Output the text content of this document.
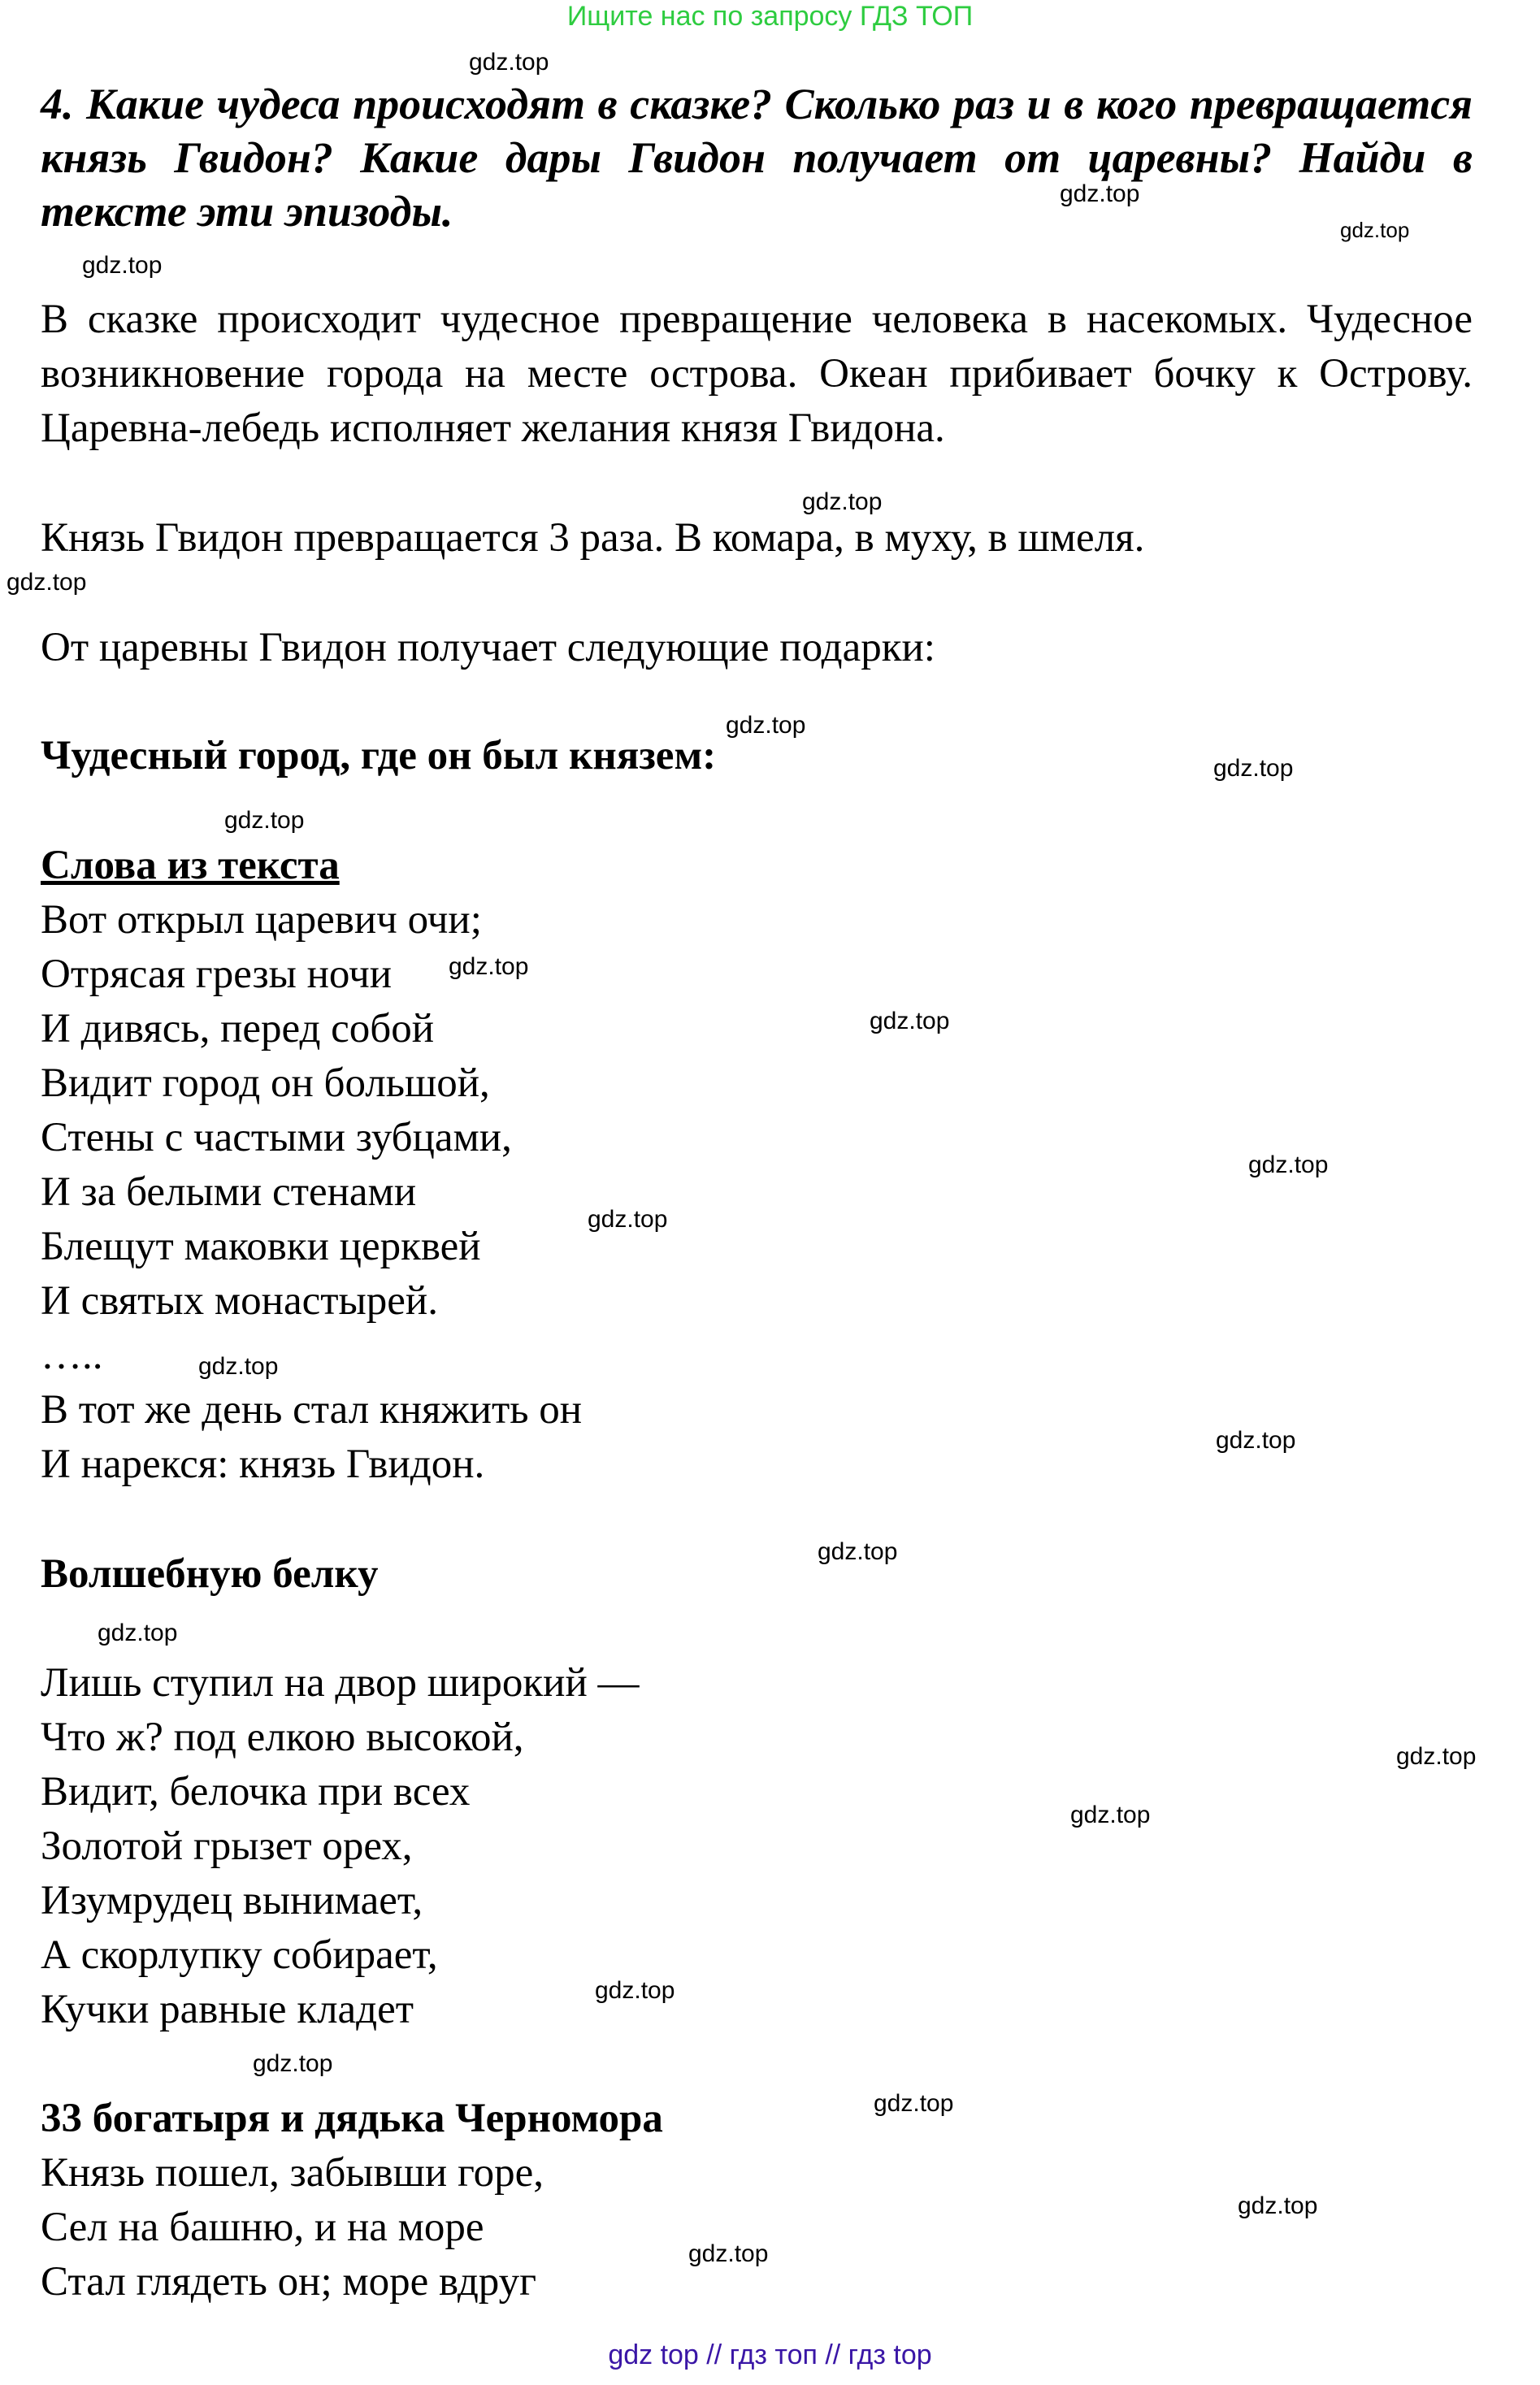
Ищите нас по запросу ГДЗ ТОП
gdz.top
gdz.top
gdz.top
gdz.top
gdz.top
gdz.top
gdz.top
gdz.top
gdz.top
gdz.top
gdz.top
gdz.top
gdz.top
gdz.top
gdz.top
gdz.top
gdz.top
gdz.top
gdz.top
gdz.top
gdz.top
gdz.top
gdz.top
gdz.top
4. Какие чудеса происходят в сказке? Сколько раз и в кого превращается князь Гвидон? Какие дары Гвидон получает от царевны? Найди в тексте эти эпизоды.
В сказке происходит чудесное превращение человека в насекомых. Чудесное возникновение города на месте острова. Океан прибивает бочку к Острову. Царевна-лебедь исполняет желания князя Гвидона.
Князь Гвидон превращается 3 раза. В комара, в муху, в шмеля.
От царевны Гвидон получает следующие подарки:
Чудесный город, где он был князем:
Слова из текста
Вот открыл царевич очи;
Отрясая грезы ночи
И дивясь, перед собой
Видит город он большой,
Стены с частыми зубцами,
И за белыми стенами
Блещут маковки церквей
И святых монастырей.
…..
В тот же день стал княжить он
И нарекся: князь Гвидон.
Волшебную белку
Лишь ступил на двор широкий —
Что ж? под елкою высокой,
Видит, белочка при всех
Золотой грызет орех,
Изумрудец вынимает,
А скорлупку собирает,
Кучки равные кладет
33 богатыря и дядька Черномора
Князь пошел, забывши горе,
Сел на башню, и на море
Стал глядеть он; море вдруг
gdz top // гдз топ // гдз top
